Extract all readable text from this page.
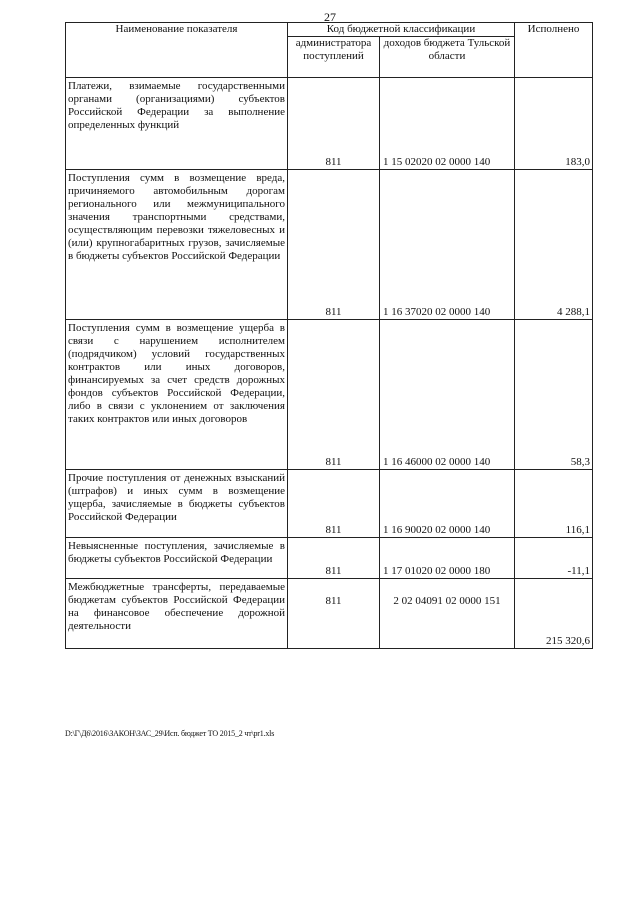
27
Наименование показателя	Код бюджетной классификации		Исполнено
	администратора поступлений	доходов бюджета Тульской области	
Платежи, взимаемые государственными органами (организациями) субъектов Российской Федерации за выполнение определенных функций	811	1 15 02020 02 0000 140	183,0
Поступления сумм в возмещение вреда, причиняемого автомобильным дорогам регионального или межмуниципального значения транспортными средствами, осуществляющим перевозки тяжеловесных и (или) крупногабаритных грузов, зачисляемые в бюджеты субъектов Российской Федерации	811	1 16 37020 02 0000 140	4 288,1
Поступления сумм в возмещение ущерба в связи с нарушением исполнителем (подрядчиком) условий государственных контрактов или иных договоров, финансируемых за счет средств дорожных фондов субъектов Российской Федерации, либо в связи с уклонением от заключения таких контрактов или иных договоров	811	1 16 46000 02 0000 140	58,3
Прочие поступления от денежных взысканий (штрафов) и иных сумм в возмещение ущерба, зачисляемые в бюджеты субъектов Российской Федерации	811	1 16 90020 02 0000 140	116,1
Невыясненные поступления, зачисляемые в бюджеты субъектов Российской Федерации	811	1 17 01020 02 0000 180	-11,1
Межбюджетные трансферты, передаваемые бюджетам субъектов Российской Федерации на финансовое обеспечение дорожной деятельности	811	2 02 04091 02 0000 151	215 320,6
D:\Г\Д6\2016\ЗАКОН\ЗАС_29\Исп. бюджет ТО 2015_2 чт\pr1.xls
